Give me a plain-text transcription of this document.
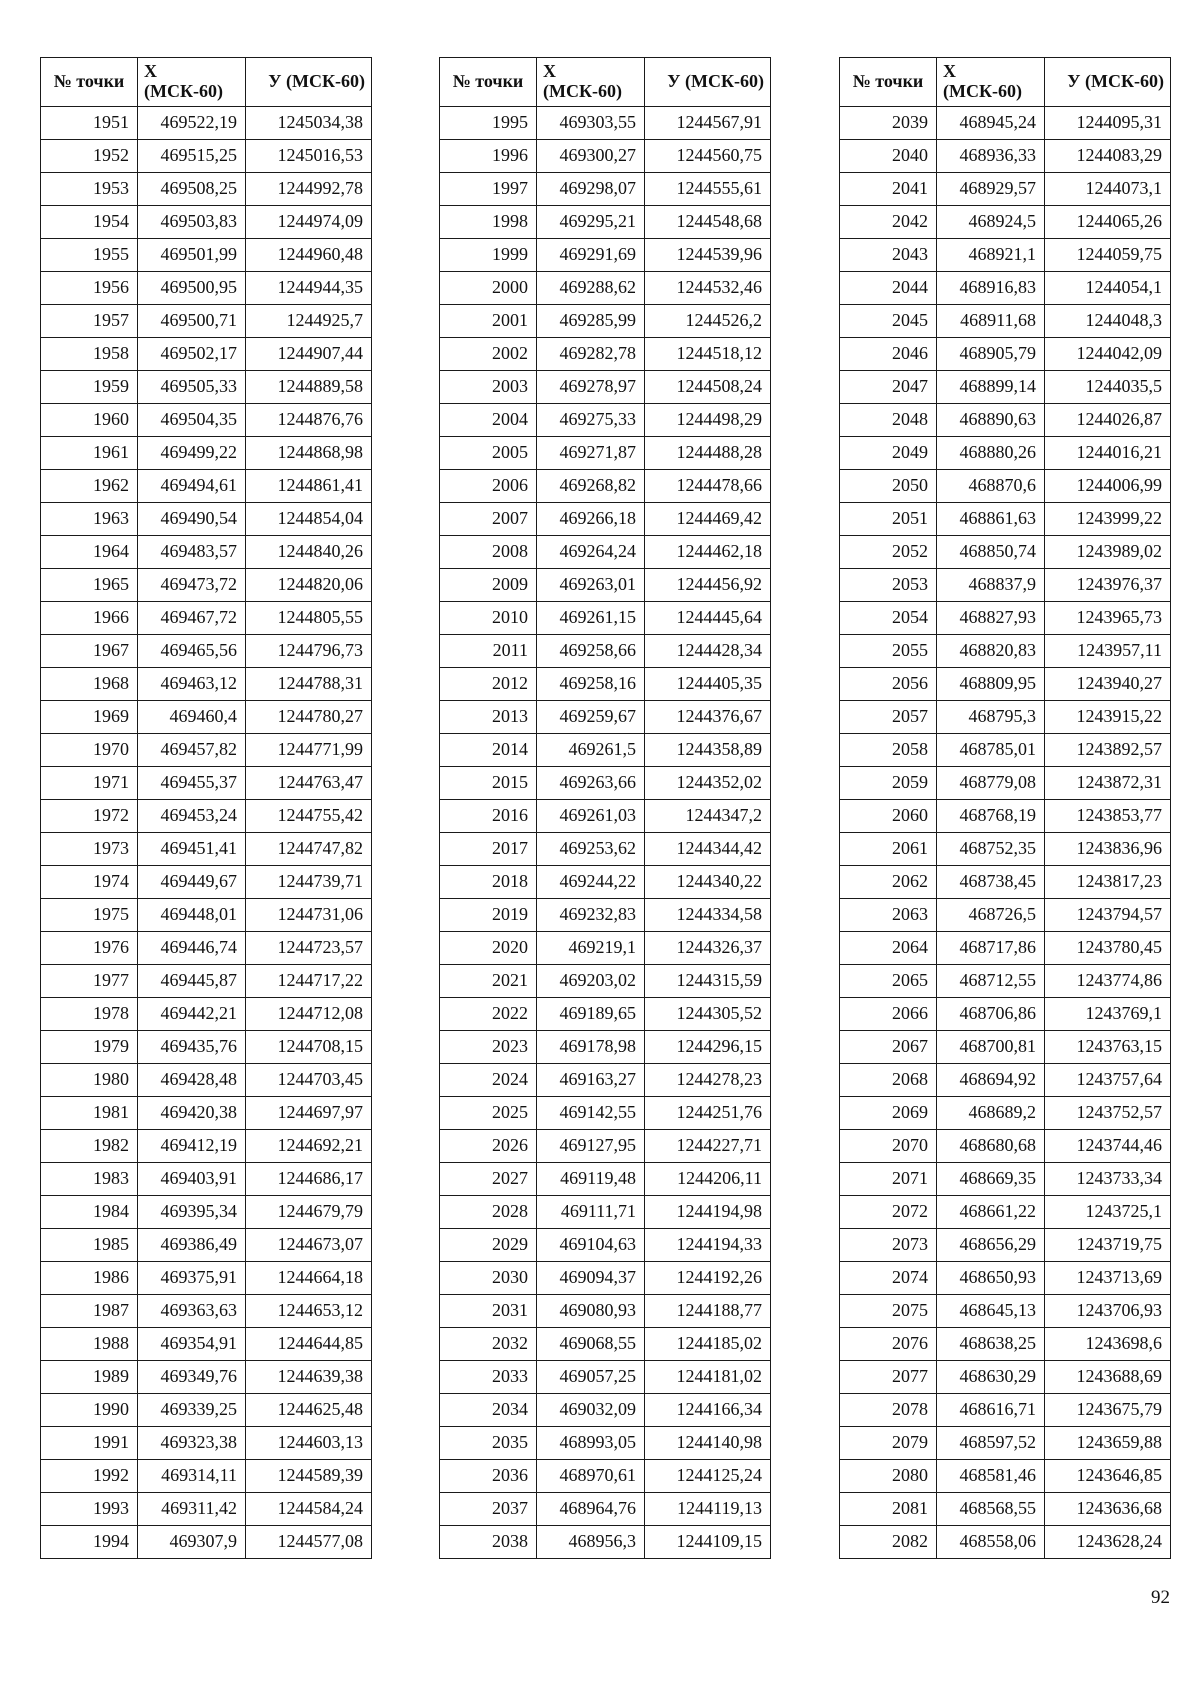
№ точки	X (МСК-60)	У (МСК-60)
1951	469522,19	1245034,38
1952	469515,25	1245016,53
1953	469508,25	1244992,78
1954	469503,83	1244974,09
1955	469501,99	1244960,48
1956	469500,95	1244944,35
1957	469500,71	1244925,7
1958	469502,17	1244907,44
1959	469505,33	1244889,58
1960	469504,35	1244876,76
1961	469499,22	1244868,98
1962	469494,61	1244861,41
1963	469490,54	1244854,04
1964	469483,57	1244840,26
1965	469473,72	1244820,06
1966	469467,72	1244805,55
1967	469465,56	1244796,73
1968	469463,12	1244788,31
1969	469460,4	1244780,27
1970	469457,82	1244771,99
1971	469455,37	1244763,47
1972	469453,24	1244755,42
1973	469451,41	1244747,82
1974	469449,67	1244739,71
1975	469448,01	1244731,06
1976	469446,74	1244723,57
1977	469445,87	1244717,22
1978	469442,21	1244712,08
1979	469435,76	1244708,15
1980	469428,48	1244703,45
1981	469420,38	1244697,97
1982	469412,19	1244692,21
1983	469403,91	1244686,17
1984	469395,34	1244679,79
1985	469386,49	1244673,07
1986	469375,91	1244664,18
1987	469363,63	1244653,12
1988	469354,91	1244644,85
1989	469349,76	1244639,38
1990	469339,25	1244625,48
1991	469323,38	1244603,13
1992	469314,11	1244589,39
1993	469311,42	1244584,24
1994	469307,9	1244577,08
№ точки	X (МСК-60)	У (МСК-60)
1995	469303,55	1244567,91
1996	469300,27	1244560,75
1997	469298,07	1244555,61
1998	469295,21	1244548,68
1999	469291,69	1244539,96
2000	469288,62	1244532,46
2001	469285,99	1244526,2
2002	469282,78	1244518,12
2003	469278,97	1244508,24
2004	469275,33	1244498,29
2005	469271,87	1244488,28
2006	469268,82	1244478,66
2007	469266,18	1244469,42
2008	469264,24	1244462,18
2009	469263,01	1244456,92
2010	469261,15	1244445,64
2011	469258,66	1244428,34
2012	469258,16	1244405,35
2013	469259,67	1244376,67
2014	469261,5	1244358,89
2015	469263,66	1244352,02
2016	469261,03	1244347,2
2017	469253,62	1244344,42
2018	469244,22	1244340,22
2019	469232,83	1244334,58
2020	469219,1	1244326,37
2021	469203,02	1244315,59
2022	469189,65	1244305,52
2023	469178,98	1244296,15
2024	469163,27	1244278,23
2025	469142,55	1244251,76
2026	469127,95	1244227,71
2027	469119,48	1244206,11
2028	469111,71	1244194,98
2029	469104,63	1244194,33
2030	469094,37	1244192,26
2031	469080,93	1244188,77
2032	469068,55	1244185,02
2033	469057,25	1244181,02
2034	469032,09	1244166,34
2035	468993,05	1244140,98
2036	468970,61	1244125,24
2037	468964,76	1244119,13
2038	468956,3	1244109,15
№ точки	X (МСК-60)	У (МСК-60)
2039	468945,24	1244095,31
2040	468936,33	1244083,29
2041	468929,57	1244073,1
2042	468924,5	1244065,26
2043	468921,1	1244059,75
2044	468916,83	1244054,1
2045	468911,68	1244048,3
2046	468905,79	1244042,09
2047	468899,14	1244035,5
2048	468890,63	1244026,87
2049	468880,26	1244016,21
2050	468870,6	1244006,99
2051	468861,63	1243999,22
2052	468850,74	1243989,02
2053	468837,9	1243976,37
2054	468827,93	1243965,73
2055	468820,83	1243957,11
2056	468809,95	1243940,27
2057	468795,3	1243915,22
2058	468785,01	1243892,57
2059	468779,08	1243872,31
2060	468768,19	1243853,77
2061	468752,35	1243836,96
2062	468738,45	1243817,23
2063	468726,5	1243794,57
2064	468717,86	1243780,45
2065	468712,55	1243774,86
2066	468706,86	1243769,1
2067	468700,81	1243763,15
2068	468694,92	1243757,64
2069	468689,2	1243752,57
2070	468680,68	1243744,46
2071	468669,35	1243733,34
2072	468661,22	1243725,1
2073	468656,29	1243719,75
2074	468650,93	1243713,69
2075	468645,13	1243706,93
2076	468638,25	1243698,6
2077	468630,29	1243688,69
2078	468616,71	1243675,79
2079	468597,52	1243659,88
2080	468581,46	1243646,85
2081	468568,55	1243636,68
2082	468558,06	1243628,24
92
